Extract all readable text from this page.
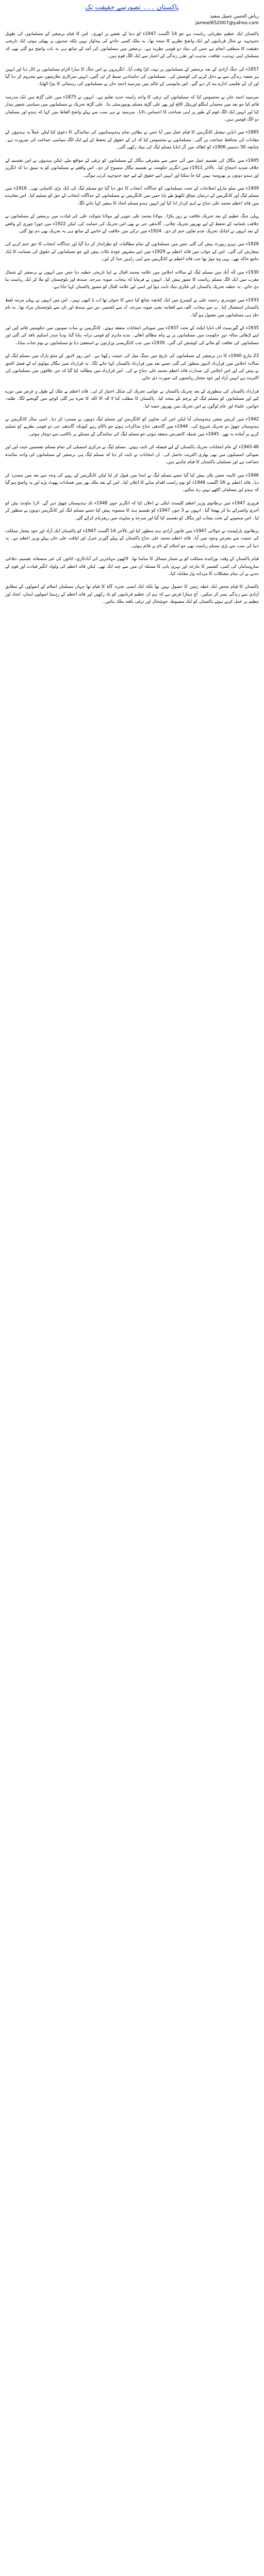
پاکستان ۔۔۔ تصورسے حقیقت تک
ریاض الحسن جمیل سعید
jameel652007@yahoo.com

پاکستان ایک عظیم نظریاتی ریاست ہے جو 14 اگست 1947ء کو دنیا کے نقشے پر ابھری۔ اس کا قیام برصغیر کے مسلمانوں کی طویل جدوجہد، بے مثال قربانیوں اور ایک واضح نظریے کا نتیجہ تھا۔ یہ ملک کسی حادثے کی پیداوار نہیں بلکہ صدیوں پر پھیلی ہوئی ایک تاریخی حقیقت کا منطقی انجام ہے جس کی بنیاد دو قومی نظریہ ہے۔ برصغیر میں مسلمانوں کی آمد کے ساتھ ہی یہ بات واضح ہو گئی تھی کہ مسلمان اپنی تہذیب، ثقافت، مذہب اور طرز زندگی کے اعتبار سے ایک الگ قوم ہیں۔

1857ء کی جنگ آزادی کے بعد برصغیر کے مسلمانوں پر بہت کڑا وقت آیا۔ انگریزوں نے اس جنگ کا سارا الزام مسلمانوں پر ڈال دیا اور انہیں ہر شعبہ زندگی سے بے دخل کرنے کی کوشش کی۔ مسلمانوں کی جائیدادیں ضبط کر لی گئیں، انہیں سرکاری ملازمتوں سے محروم کر دیا گیا اور ان کے تعلیمی ادارے بند کر دیے گئے۔ اس مایوسی کے عالم میں سرسید احمد خان نے مسلمانوں کی رہنمائی کا بیڑا اٹھایا۔

سرسید احمد خان نے محسوس کیا کہ مسلمانوں کی ترقی کا واحد راستہ جدید تعلیم ہے۔ انہوں نے 1875ء میں علی گڑھ میں ایک مدرسہ قائم کیا جو بعد میں محمڈن اینگلو اورینٹل کالج اور پھر علی گڑھ مسلم یونیورسٹی بنا۔ علی گڑھ تحریک نے مسلمانوں میں سیاسی شعور بیدار کیا اور انہیں ایک الگ قوم کے طور پر اپنی شناخت کا احساس دلایا۔ سرسید نے ہی سب سے پہلے واضح الفاظ میں کہا کہ ہندو اور مسلمان دو الگ قومیں ہیں۔

1885ء میں انڈین نیشنل کانگریس کا قیام عمل میں آیا جس نے بظاہر تمام ہندوستانیوں کی نمائندگی کا دعویٰ کیا لیکن عملاً یہ ہندوؤں کے مفادات کی محافظ جماعت بن گئی۔ مسلمانوں نے محسوس کیا کہ ان کے حقوق کے تحفظ کے لیے ایک الگ سیاسی جماعت کی ضرورت ہے۔ چنانچہ 30 دسمبر 1906ء کو ڈھاکہ میں آل انڈیا مسلم لیگ کی بنیاد رکھی گئی۔

1905ء میں بنگال کی تقسیم عمل میں آئی جس سے مشرقی بنگال کے مسلمانوں کو ترقی کے مواقع ملے، لیکن ہندوؤں نے اس تقسیم کے خلاف شدید احتجاج کیا۔ بالآخر 1911ء میں انگریز حکومت نے تقسیم بنگال منسوخ کر دی۔ اس واقعے نے مسلمانوں کو یہ سبق دیا کہ انگریز اور ہندو دونوں پر بھروسہ نہیں کیا جا سکتا اور انہیں اپنے حقوق کے لیے خود جدوجہد کرنی ہوگی۔

1909ء میں منٹو مارلے اصلاحات کے تحت مسلمانوں کو جداگانہ انتخاب کا حق دیا گیا جو مسلم لیگ کی ایک بڑی کامیابی تھی۔ 1916ء میں مسلم لیگ اور کانگریس کے درمیان میثاق لکھنؤ طے پایا جس میں کانگریس نے مسلمانوں کے جداگانہ انتخاب کے حق کو تسلیم کیا۔ اس معاہدے میں قائد اعظم محمد علی جناح نے اہم کردار ادا کیا اور انہیں ہندو مسلم اتحاد کا سفیر کہا جانے لگا۔

پہلی جنگ عظیم کے بعد تحریک خلافت نے زور پکڑا۔ مولانا محمد علی جوہر اور مولانا شوکت علی کی قیادت میں برصغیر کے مسلمانوں نے خلافت عثمانیہ کے تحفظ کے لیے بھرپور تحریک چلائی۔ گاندھی جی نے بھی اس تحریک کی حمایت کی، لیکن 1922ء میں چورا چوری کے واقعے کے بعد انہوں نے اچانک تحریک عدم تعاون ختم کر دی۔ 1924ء میں ترکی میں خلافت کے خاتمے کے ساتھ ہی یہ تحریک بھی دم توڑ گئی۔

1928ء میں نہرو رپورٹ پیش کی گئی جس میں مسلمانوں کے تمام مطالبات کو نظرانداز کر دیا گیا اور جداگانہ انتخاب کا حق ختم کرنے کی سفارش کی گئی۔ اس کے جواب میں قائد اعظم نے 1929ء میں اپنے مشہور چودہ نکات پیش کیے جو مسلمانوں کے حقوق کی ضمانت کا ایک جامع خاکہ تھے۔ یہی وہ موڑ تھا جب قائد اعظم نے کانگریس سے اپنی راہیں جدا کر لیں۔

1930ء میں الٰہ آباد میں مسلم لیگ کے سالانہ اجلاس میں علامہ محمد اقبال نے اپنا تاریخی خطبہ دیا جس میں انہوں نے برصغیر کے شمال مغرب میں ایک الگ مسلم ریاست کا تصور پیش کیا۔ انہوں نے فرمایا کہ پنجاب، صوبہ سرحد، سندھ اور بلوچستان کو ملا کر ایک ریاست بنا دی جائے۔ یہ خطبہ تحریک پاکستان کی فکری بنیاد ثابت ہوا اور اسی لیے علامہ اقبال کو مصور پاکستان کہا جاتا ہے۔

1933ء میں چوہدری رحمت علی نے کیمبرج میں ایک کتابچہ شائع کیا جس کا عنوان تھا اب یا کبھی نہیں۔ اس میں انہوں نے پہلی مرتبہ لفظ پاکستان استعمال کیا۔ پ سے پنجاب، الف سے افغانیہ یعنی صوبہ سرحد، ک سے کشمیر، س سے سندھ اور تان سے بلوچستان مراد تھا۔ یہ نام جلد ہی مسلمانوں میں مقبول ہو گیا۔

1935ء کے گورنمنٹ آف انڈیا ایکٹ کے تحت 1937ء میں صوبائی انتخابات منعقد ہوئے۔ کانگریس نے سات صوبوں میں حکومتیں قائم کیں اور اپنے اڑھائی سالہ دور حکومت میں مسلمانوں پر بے پناہ مظالم ڈھائے۔ بندے ماترم کو قومی ترانہ بنایا گیا، ودیا مندر اسکیم نافذ کی گئی اور مسلمانوں کی ثقافت کو مٹانے کی کوشش کی گئی۔ 1939ء میں جب کانگریسی وزارتوں نے استعفیٰ دیا تو مسلمانوں نے یوم نجات منایا۔

23 مارچ 1940ء کا دن برصغیر کے مسلمانوں کی تاریخ میں سنگ میل کی حیثیت رکھتا ہے۔ اس روز لاہور کے منٹو پارک میں مسلم لیگ کے سالانہ اجلاس میں قرارداد لاہور منظور کی گئی جسے بعد میں قرارداد پاکستان کہا جانے لگا۔ یہ قرارداد شیر بنگال مولوی اے کے فضل الحق نے پیش کی اور اس اجلاس کی صدارت قائد اعظم محمد علی جناح نے کی۔ اس قرارداد میں مطالبہ کیا گیا کہ جن علاقوں میں مسلمانوں کی اکثریت ہے انہیں آزاد اور خود مختار ریاستوں کی صورت دی جائے۔

قرارداد پاکستان کی منظوری کے بعد تحریک پاکستان نے عوامی تحریک کی شکل اختیار کر لی۔ قائد اعظم نے ملک کے طول و عرض میں دورے کیے اور مسلمانوں کو مسلم لیگ کے پرچم تلے متحد کیا۔ پاکستان کا مطلب کیا لا الہ الا اللہ کا نعرہ ہر گلی کوچے میں گونجنے لگا۔ طلبہ، خواتین، علماء اور عام لوگوں نے اس تحریک میں بھرپور حصہ لیا۔

1942ء میں کرپس مشن ہندوستان آیا لیکن اس کی تجاویز کو کانگریس اور مسلم لیگ دونوں نے مسترد کر دیا۔ اسی سال کانگریس نے ہندوستان چھوڑ دو تحریک شروع کی۔ 1944ء میں گاندھی جناح مذاکرات ہوئے جو ناکام رہے کیونکہ گاندھی جی دو قومی نظریے کو تسلیم کرنے پر آمادہ نہ تھے۔ 1945ء میں شملہ کانفرنس منعقد ہوئی جو مسلم لیگ کی نمائندگی کے مسئلے پر ناکامی سے دوچار ہوئی۔

1945-46ء کے عام انتخابات تحریک پاکستان کے لیے فیصلہ کن ثابت ہوئے۔ مسلم لیگ نے مرکزی اسمبلی کی تمام مسلم نشستیں جیت لیں اور صوبائی اسمبلیوں میں بھی بھاری اکثریت حاصل کی۔ ان انتخابات نے ثابت کر دیا کہ مسلم لیگ ہی برصغیر کے مسلمانوں کی واحد نمائندہ جماعت ہے اور مسلمان پاکستان کا قیام چاہتے ہیں۔

1946ء میں کابینہ مشن پلان پیش کیا گیا جسے مسلم لیگ نے ابتدا میں قبول کر لیا لیکن کانگریس کے رویے کی وجہ سے بعد میں مسترد کر دیا۔ قائد اعظم نے 16 اگست 1946ء کو یوم راست اقدام منانے کا اعلان کیا۔ اس کے بعد ملک بھر میں فسادات پھوٹ پڑے اور یہ واضح ہو گیا کہ ہندو اور مسلمان اکٹھے نہیں رہ سکتے۔

فروری 1947ء میں برطانوی وزیر اعظم کلیمنٹ ایٹلی نے اعلان کیا کہ انگریز جون 1948ء تک ہندوستان چھوڑ دیں گے۔ لارڈ ماؤنٹ بیٹن کو آخری وائسرائے بنا کر بھیجا گیا۔ انہوں نے 3 جون 1947ء کو تقسیم ہند کا منصوبہ پیش کیا جسے مسلم لیگ اور کانگریس دونوں نے منظور کر لیا۔ اس منصوبے کے تحت پنجاب اور بنگال کو تقسیم کیا گیا اور سرحد و سلہٹ میں ریفرنڈم کرائے گئے۔

برطانوی پارلیمنٹ نے جولائی 1947ء میں قانون آزادی ہند منظور کیا اور بالآخر 14 اگست 1947ء کو پاکستان ایک آزاد اور خود مختار مملکت کی حیثیت سے معرض وجود میں آیا۔ قائد اعظم محمد علی جناح پاکستان کے پہلے گورنر جنرل اور لیاقت علی خان پہلے وزیر اعظم بنے۔ یہ دنیا کی سب سے بڑی مسلم ریاست تھی جو اسلام کے نام پر قائم ہوئی۔

قیام پاکستان کے وقت نوزائیدہ مملکت کو بے شمار مسائل کا سامنا تھا۔ لاکھوں مہاجرین کی آبادکاری، اثاثوں کی غیر منصفانہ تقسیم، دفاعی سازوسامان کی کمی، کشمیر کا تنازعہ اور نہری پانی کا مسئلہ ان میں سے چند ایک تھے۔ لیکن قائد اعظم کی ولولہ انگیز قیادت اور قوم کے جذبے نے ان تمام مشکلات کا مردانہ وار مقابلہ کیا۔

پاکستان کا قیام محض ایک خطہ زمین کا حصول نہیں تھا بلکہ ایک ایسی تجربہ گاہ کا قیام تھا جہاں مسلمان اسلام کے اصولوں کے مطابق آزادی سے زندگی بسر کر سکیں۔ آج ہمارا فرض ہے کہ ہم ان عظیم قربانیوں کو یاد رکھیں اور قائد اعظم کے رہنما اصولوں ایمان، اتحاد اور تنظیم پر عمل کرتے ہوئے پاکستان کو ایک مضبوط، خوشحال اور ترقی یافتہ ملک بنائیں۔
